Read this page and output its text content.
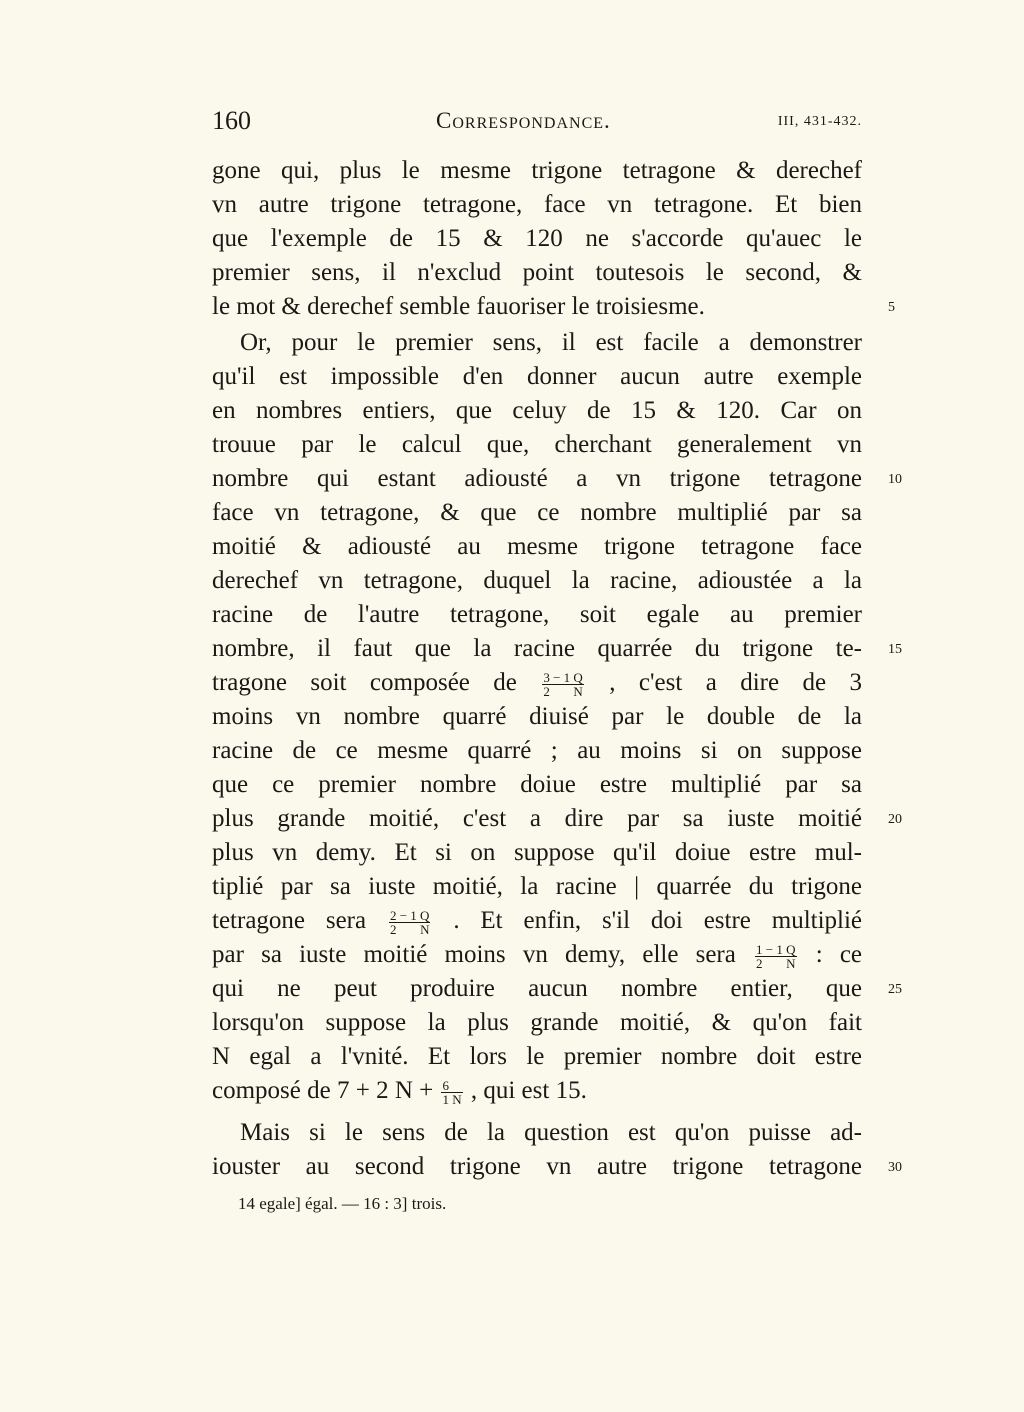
160	Correspondance.	III, 431-432.
gone qui, plus le mesme trigone tetragone & derechef
vn autre trigone tetragone, face vn tetragone. Et bien
que l'exemple de 15 & 120 ne s'accorde qu'auec le
premier sens, il n'exclud point toutesois le second, &
le mot & derechef semble fauoriser le troisiesme.
Or, pour le premier sens, il est facile a demonstrer
qu'il est impossible d'en donner aucun autre exemple
en nombres entiers, que celuy de 15 & 120. Car on
trouue par le calcul que, cherchant generalement vn
nombre qui estant adiousté a vn trigone tetragone
face vn tetragone, & que ce nombre multiplié par sa
moitié & adiousté au mesme trigone tetragone face
derechef vn tetragone, duquel la racine, adioustée a la
racine de l'autre tetragone, soit egale au premier
nombre, il faut que la racine quarrée du trigone te-
tragone soit composée de $\frac{3 - 1 Q}{2 N}$ , c'est a dire de 3
moins vn nombre quarré diuisé par le double de la
racine de ce mesme quarré ; au moins si on suppose
que ce premier nombre doiue estre multiplié par sa
plus grande moitié, c'est a dire par sa iuste moitié
plus vn demy. Et si on suppose qu'il doiue estre mul-
tiplié par sa iuste moitié, la racine | quarrée du trigone
tetragone sera $\frac{2 - 1 Q}{2 N}$ . Et enfin, s'il doi estre multiplié
par sa iuste moitié moins vn demy, elle sera $\frac{1 - 1 Q}{2 N}$ : ce
qui ne peut produire aucun nombre entier, que
lorsqu'on suppose la plus grande moitié, & qu'on fait
N egal a l'vnité. Et lors le premier nombre doit estre
composé de 7 + 2 $N + \frac{6}{1 N}$ , qui est 15.
Mais si le sens de la question est qu'on puisse ad-
iouster au second trigone vn autre trigone tetragone
5
10
15
20
25
30
14 egale] égal. — 16 : 3] trois.
